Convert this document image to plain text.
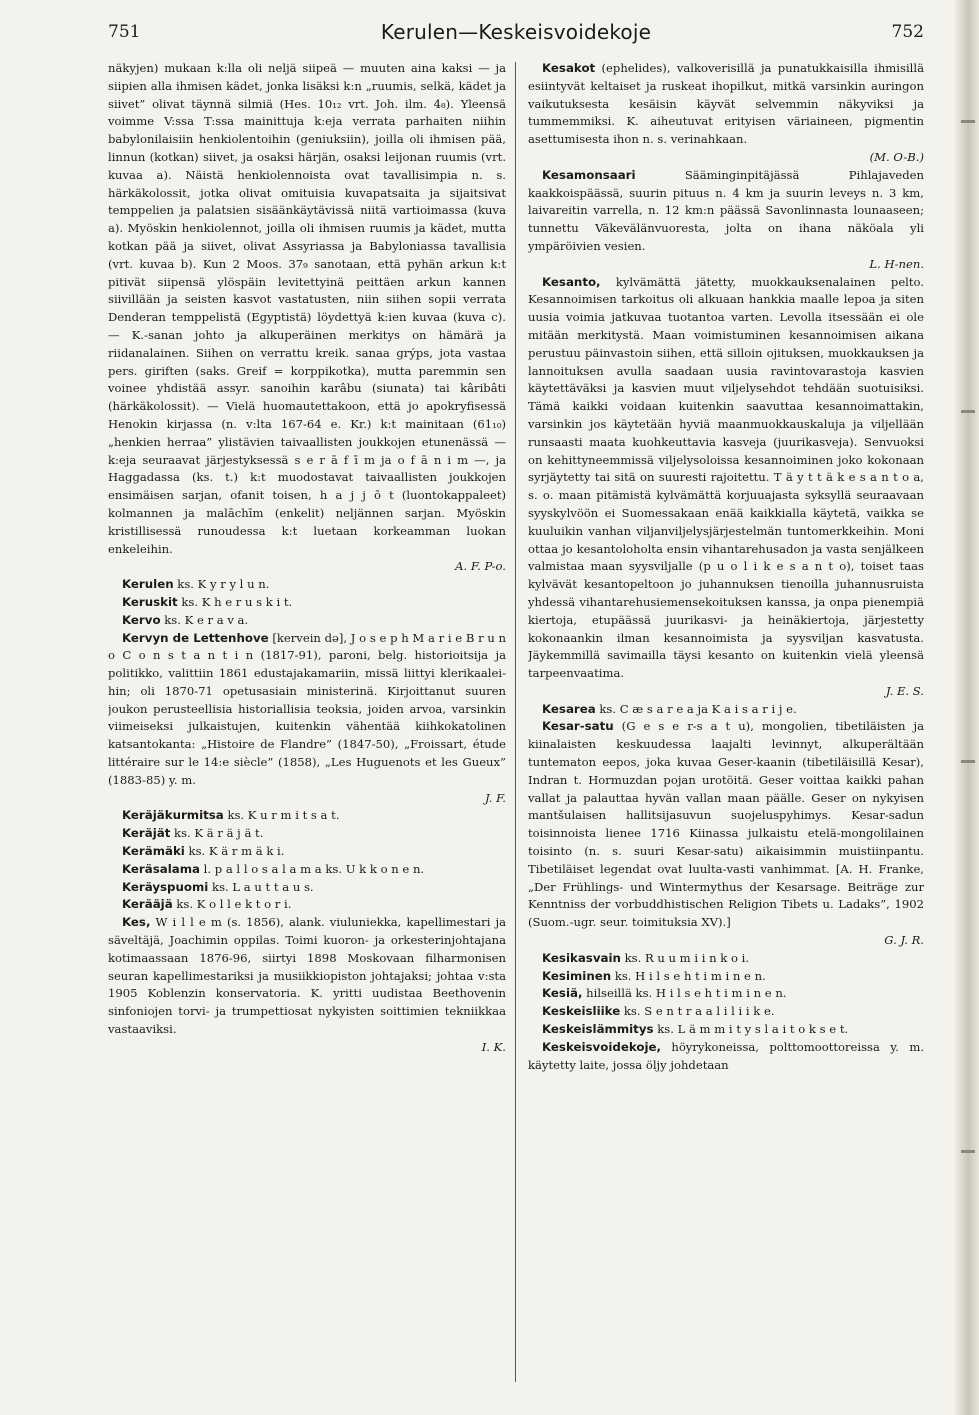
751	Kerulen—Keskeisvoidekoje	752

näkyjen) mukaan k:lla oli neljä siipeä — muuten aina kaksi — ja siipien alla ihmisen kädet, jonka lisäksi k:n „ruumis, selkä, kädet ja siivet” olivat täynnä silmiä (Hes. 10₁₂ vrt. Joh. ilm. 4₈). Yleensä voimme V:ssa T:ssa mainittuja k:eja verrata parhaiten niihin babylonilaisiin henkiolentoihin (geniuksiin), joilla oli ihmisen pää, linnun (kotkan) siivet, ja osaksi härjän, osaksi leijonan ruumis (vrt. kuvaa a). Näistä henkiolennoista ovat tavallisimpia n. s. härkäkolossit, jotka olivat omituisia kuvapatsaita ja sijaitsivat temppelien ja palatsien sisäänkäytävissä niitä vartioimassa (kuva a). Myöskin henkiolennot, joilla oli ihmisen ruumis ja kädet, mutta kotkan pää ja siivet, olivat Assyriassa ja Babyloniassa tavallisia (vrt. kuvaa b). Kun 2 Moos. 37₉ sanotaan, että pyhän arkun k:t pitivät siipensä ylöspäin levitettyinä peittäen arkun kannen siivillään ja seisten kasvot vastatusten, niin siihen sopii verrata Denderan temppelistä (Egyptistä) löydettyä k:ien kuvaa (kuva c). — K.-sanan johto ja alkuperäinen merkitys on hämärä ja riidanalainen. Siihen on verrattu kreik. sanaa grýps, jota vastaa pers. giriften (saks. Greif = korppikotka), mutta paremmin sen voinee yhdistää assyr. sanoihin karâbu (siunata) tai kâribâti (härkäkolossit). — Vielä huomautettakoon, että jo apokryfisessä Henokin kirjassa (n. v:lta 167-64 e. Kr.) k:t mainitaan (61₁₀) „henkien herraa” ylistävien taivaallisten joukkojen etunenässä — k:eja seuraavat järjestyksessä s e r ā f ī m ja o f ā n i m —, ja Haggadassa (ks. t.) k:t muodostavat taivaallisten joukkojen ensimäisen sarjan, ofanit toisen, h a j j ō t (luontokappaleet) kolmannen ja malāchīm (enkelit) neljännen sarjan. Myöskin kristillisessä runoudessa k:t luetaan korkeamman luokan enkeleihin.

A. F. P-o.

Kerulen ks. K y r y l u n.

Keruskit ks. K h e r u s k i t.

Kervo ks. K e r a v a.

Kervyn de Lettenhove [kervein də], J o s e p h M a r i e B r u n o C o n s t a n t i n (1817-91), paroni, belg. historioitsija ja politikko, valittiin 1861 edustajakamariin, missä liittyi klerikaalei-hin; oli 1870-71 opetusasiain ministerinä. Kirjoittanut suuren joukon perusteellisia historiallisia teoksia, joiden arvoa, varsinkin viimeiseksi julkaistujen, kuitenkin vähentää kiihkokatolinen katsantokanta: „Histoire de Flandre” (1847-50), „Froissart, étude littéraire sur le 14:e siècle” (1858), „Les Huguenots et les Gueux” (1883-85) y. m.

J. F.

Keräjäkurmitsa ks. K u r m i t s a t.

Keräjät ks. K ä r ä j ä t.

Kerämäki ks. K ä r m ä k i.

Keräsalama l. p a l l o s a l a m a ks. U k k o n e n.

Keräyspuomi ks. L a u t t a u s.

Kerääjä ks. K o l l e k t o r i.

Kes, W i l l e m (s. 1856), alank. viuluniekka, kapellimestari ja säveltäjä, Joachimin oppilas. Toimi kuoron- ja orkesterinjohtajana kotimaassaan 1876-96, siirtyi 1898 Moskovaan filharmonisen seuran kapellimestariksi ja musiikkiopiston johtajaksi; johtaa v:sta 1905 Koblenzin konservatoria. K. yritti uudistaa Beethovenin sinfoniojen torvi- ja trumpettiosat nykyisten soittimien tekniikkaa vastaaviksi.

I. K.

Kesakot (ephelides), valkoverisillä ja punatukkaisilla ihmisillä esiintyvät keltaiset ja ruskeat ihopilkut, mitkä varsinkin auringon vaikutuksesta kesäisin käyvät selvemmin näkyviksi ja tummemmiksi. K. aiheutuvat erityisen väriaineen, pigmentin asettumisesta ihon n. s. verinahkaan.

(M. O-B.)

Kesamonsaari	Sääminginpitäjässä Pihlajaveden kaakkoispäässä, suurin pituus n. 4 km ja suurin leveys n. 3 km, laivareitin varrella, n. 12 km:n päässä Savonlinnasta lounaaseen; tunnettu Väkevälänvuoresta, jolta on ihana näköala yli ympäröivien vesien.

L. H-nen.

Kesanto, kylvämättä jätetty, muokkauksenalainen pelto. Kesannoimisen tarkoitus oli alkuaan hankkia maalle lepoa ja siten uusia voimia jatkuvaa tuotantoa varten. Levolla itsessään ei ole mitään merkitystä. Maan voimistuminen kesannoimisen aikana perustuu päinvastoin siihen, että silloin ojituksen, muokkauksen ja lannoituksen avulla saadaan uusia ravintovarastoja kasvien käytettäväksi ja kasvien muut viljelysehdot tehdään suotuisiksi. Tämä kaikki voidaan kuitenkin saavuttaa kesannoimattakin, varsinkin jos käytetään hyviä maanmuokkauskaluja ja viljellään runsaasti maata kuohkeuttavia kasveja (juurikasveja). Senvuoksi on kehittyneemmissä viljelysoloissa kesannoiminen joko kokonaan syrjäytetty tai sitä on suuresti rajoitettu. T ä y t t ä k e s a n t o a, s. o. maan pitämistä kylvämättä korjuuajasta syksyllä seuraavaan syyskylvöön ei Suomessakaan enää kaikkialla käytetä, vaikka se kuuluikin vanhan viljanviljelysjärjestelmän tuntomerkkeihin. Moni ottaa jo kesantoloholta ensin vihantarehusadon ja vasta senjälkeen valmistaa maan syysviljalle (p u o l i k e s a n t o), toiset taas kylvävät kesantopeltoon jo juhannuksen tienoilla juhannusruista yhdessä vihantarehusiemensekoituksen kanssa, ja onpa pienempiä kiertoja, etupäässä juurikasvi- ja heinäkiertoja, järjestetty kokonaankin ilman kesannoimista ja syysviljan kasvatusta. Jäykemmillä savimailla täysi kesanto on kuitenkin vielä yleensä tarpeenvaatima.

J. E. S.

Kesarea ks. C æ s a r e a ja K a i s a r i j e.

Kesar-satu (G e s e r-s a t u), mongolien, tibetiläisten ja kiinalaisten keskuudessa laajalti levinnyt, alkuperältään tuntematon eepos, joka kuvaa Geser-kaanin (tibetiläisillä Kesar), Indran t. Hormuzdan pojan urotöitä. Geser voittaa kaikki pahan vallat ja palauttaa hyvän vallan maan päälle. Geser on nykyisen mantšulaisen hallitsijasuvun suojeluspyhimys. Kesar-sadun toisinnoista lienee 1716 Kiinassa julkaistu etelä-mongolilainen toisinto (n. s. suuri Kesar-satu) aikaisimmin muistiinpantu. Tibetiläiset legendat ovat luulta-vasti vanhimmat. [A. H. Franke, „Der Frühlings- und Wintermythus der Kesarsage. Beiträge zur Kenntniss der vorbuddhistischen Religion Tibets u. Ladaks”, 1902 (Suom.-ugr. seur. toimituksia XV).]

G. J. R.

Kesikasvain ks. R u u m i i n k o i.

Kesiminen ks. H i l s e h t i m i n e n.

Kesiä, hilseillä ks. H i l s e h t i m i n e n.

Keskeisliike ks. S e n t r a a l i l i i k e.

Keskeislämmitys ks. L ä m m i t y s l a i t o k s e t.

Keskeisvoidekoje, höyrykoneissa, polttomoottoreissa y. m. käytetty laite, jossa öljy johdetaan
